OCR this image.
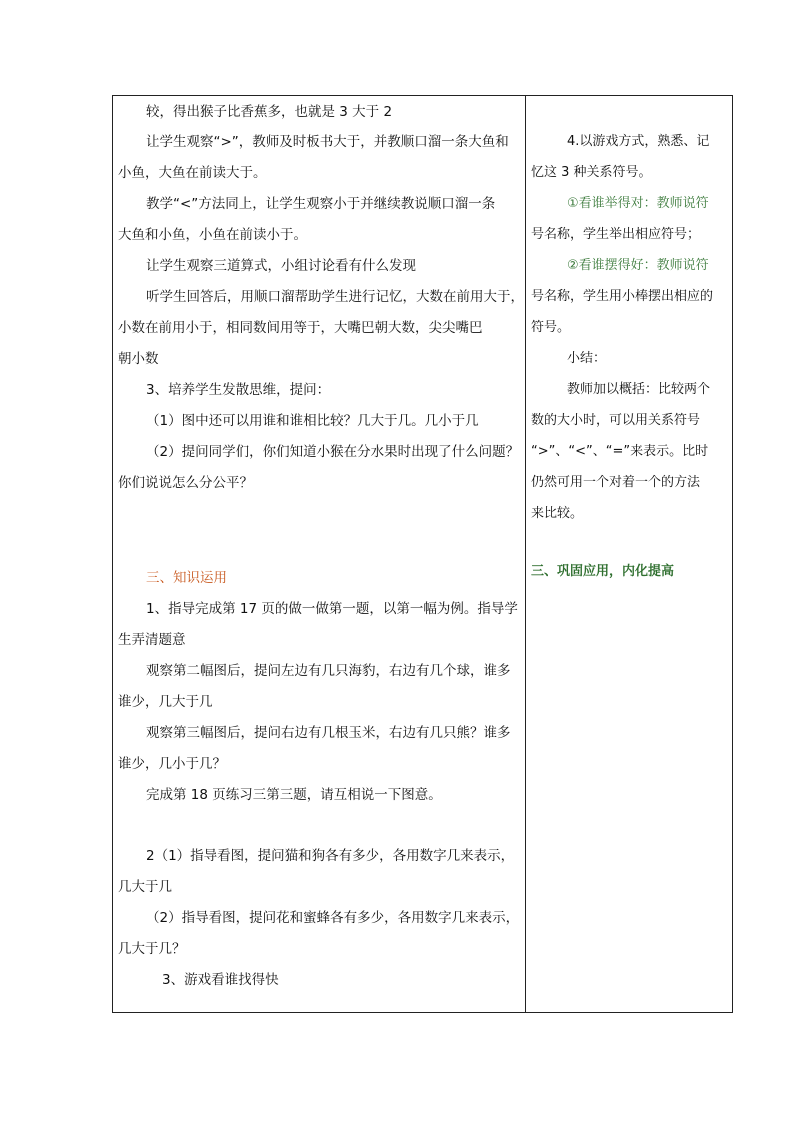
较，得出猴子比香蕉多，也就是 3 大于 2
让学生观察“>”，教师及时板书大于，并教顺口溜一条大鱼和
小鱼，大鱼在前读大于。
教学“<”方法同上，让学生观察小于并继续教说顺口溜一条
大鱼和小鱼，小鱼在前读小于。
让学生观察三道算式，小组讨论看有什么发现
听学生回答后，用顺口溜帮助学生进行记忆，大数在前用大于，
小数在前用小于，相同数间用等于，大嘴巴朝大数，尖尖嘴巴
朝小数
3、培养学生发散思维，提问：
（1）图中还可以用谁和谁相比较？几大于几。几小于几
（2）提问同学们，你们知道小猴在分水果时出现了什么问题？
你们说说怎么分公平？
三、知识运用
1、指导完成第 17 页的做一做第一题，以第一幅为例。指导学
生弄清题意
观察第二幅图后，提问左边有几只海豹，右边有几个球，谁多
谁少，几大于几
观察第三幅图后，提问右边有几根玉米，右边有几只熊？谁多
谁少，几小于几？
完成第 18 页练习三第三题，请互相说一下图意。
2（1）指导看图，提问猫和狗各有多少，各用数字几来表示，
几大于几
（2）指导看图，提问花和蜜蜂各有多少，各用数字几来表示，
几大于几？
3、游戏看谁找得快
4.以游戏方式，熟悉、记
忆这 3 种关系符号。
①看谁举得对：教师说符
号名称，学生举出相应符号；
②看谁摆得好：教师说符
号名称，学生用小棒摆出相应的
符号。
小结：
教师加以概括：比较两个
数的大小时，可以用关系符号
“>”、“<”、“=”来表示。比时
仍然可用一个对着一个的方法
来比较。
三、巩固应用，内化提高
